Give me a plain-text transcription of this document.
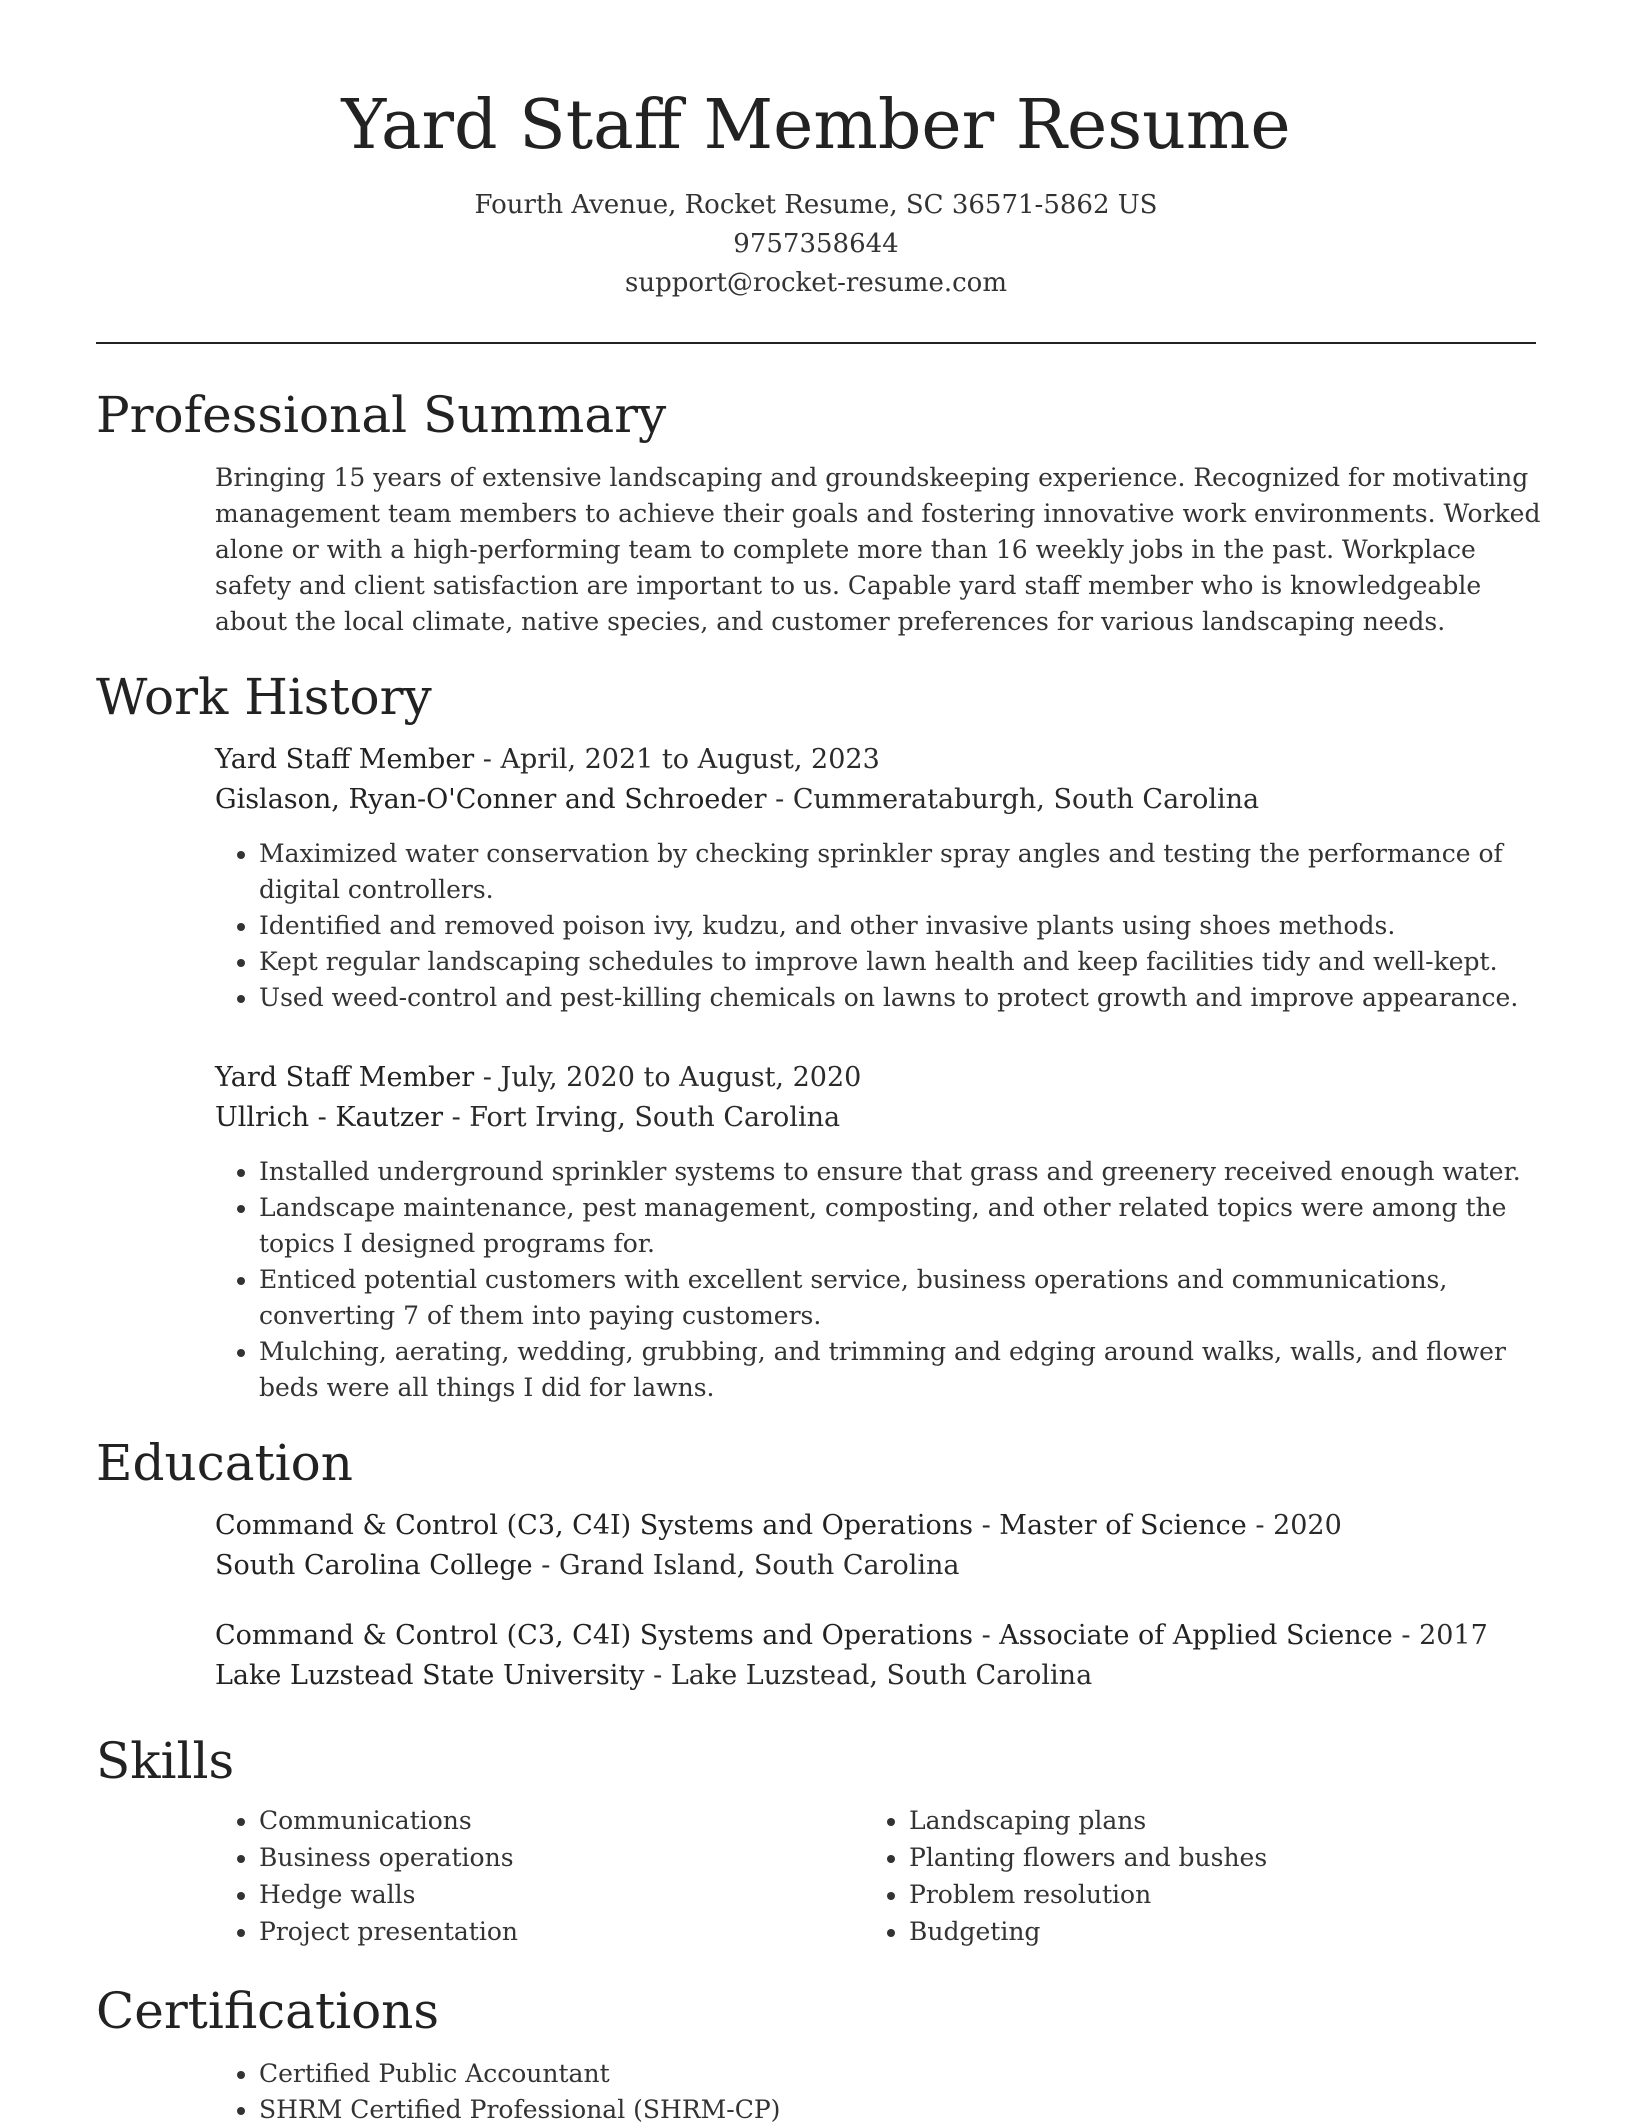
Yard Staff Member Resume
Fourth Avenue, Rocket Resume, SC 36571-5862 US
9757358644
support@rocket-resume.com
Professional Summary
Bringing 15 years of extensive landscaping and groundskeeping experience. Recognized for motivating management team members to achieve their goals and fostering innovative work environments. Worked alone or with a high-performing team to complete more than 16 weekly jobs in the past. Workplace safety and client satisfaction are important to us. Capable yard staff member who is knowledgeable about the local climate, native species, and customer preferences for various landscaping needs.
Work History
Yard Staff Member - April, 2021 to August, 2023
Gislason, Ryan-O'Conner and Schroeder - Cummerataburgh, South Carolina
• Maximized water conservation by checking sprinkler spray angles and testing the performance of digital controllers.
• Identified and removed poison ivy, kudzu, and other invasive plants using shoes methods.
• Kept regular landscaping schedules to improve lawn health and keep facilities tidy and well-kept.
• Used weed-control and pest-killing chemicals on lawns to protect growth and improve appearance.
Yard Staff Member - July, 2020 to August, 2020
Ullrich - Kautzer - Fort Irving, South Carolina
• Installed underground sprinkler systems to ensure that grass and greenery received enough water.
• Landscape maintenance, pest management, composting, and other related topics were among the topics I designed programs for.
• Enticed potential customers with excellent service, business operations and communications, converting 7 of them into paying customers.
• Mulching, aerating, wedding, grubbing, and trimming and edging around walks, walls, and flower beds were all things I did for lawns.
Education
Command & Control (C3, C4I) Systems and Operations - Master of Science - 2020
South Carolina College - Grand Island, South Carolina
Command & Control (C3, C4I) Systems and Operations - Associate of Applied Science - 2017
Lake Luzstead State University - Lake Luzstead, South Carolina
Skills
• Communications
• Business operations
• Hedge walls
• Project presentation
• Landscaping plans
• Planting flowers and bushes
• Problem resolution
• Budgeting
Certifications
• Certified Public Accountant
• SHRM Certified Professional (SHRM-CP)
